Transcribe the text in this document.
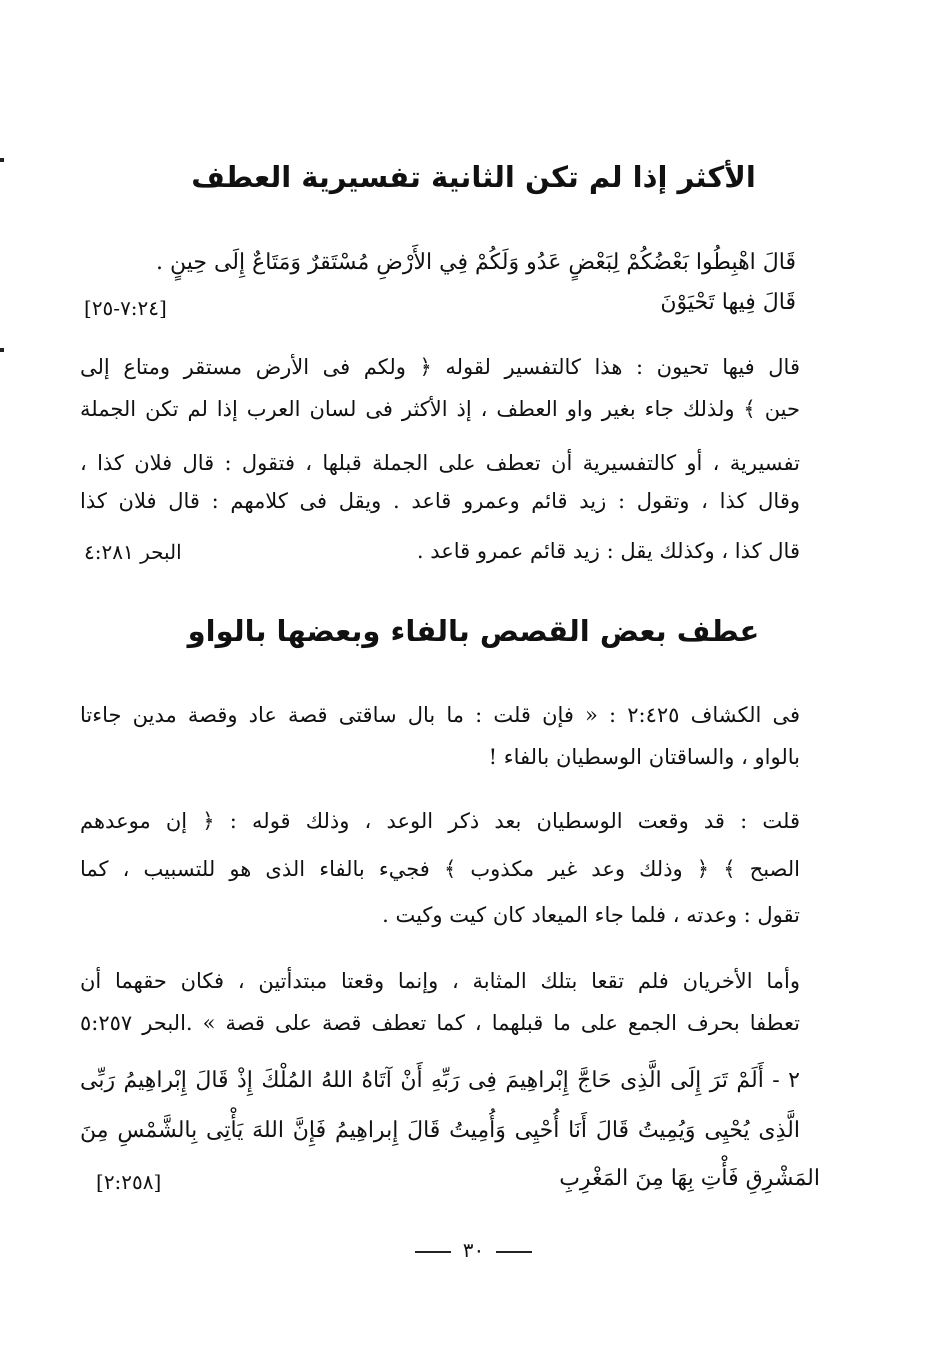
الأكثر إذا لم تكن الثانية تفسيرية العطف
قَالَ اهْبِطُوا بَعْضُكُمْ لِبَعْضٍ عَدُو وَلَكُمْ فِي الأَرْضِ مُسْتَقرٌ وَمَتَاعٌ إِلَى حِينٍ .
قَالَ فِيها تَحْيَوْنَ
[٧:٢٤-٢٥]
قال فيها تحيون : هذا كالتفسير لقوله ﴿ ولكم فى الأرض مستقر ومتاع إلى
حين ﴾ ولذلك جاء بغير واو العطف ، إذ الأكثر فى لسان العرب إذا لم تكن الجملة
تفسيرية ، أو كالتفسيرية أن تعطف على الجملة قبلها ، فتقول : قال فلان كذا ،
وقال كذا ، وتقول : زيد قائم وعمرو قاعد . ويقل فى كلامهم : قال فلان كذا
قال كذا ، وكذلك يقل : زيد قائم عمرو قاعد .
البحر ٤:٢٨١
عطف بعض القصص بالفاء وبعضها بالواو
فى الكشاف ٢:٤٢٥ : « فإن قلت : ما بال ساقتى قصة عاد وقصة مدين جاءتا
بالواو ، والساقتان الوسطيان بالفاء !
قلت : قد وقعت الوسطيان بعد ذكر الوعد ، وذلك قوله : ﴿ إن موعدهم
الصبح ﴾ ﴿ وذلك وعد غير مكذوب ﴾ فجيء بالفاء الذى هو للتسبيب ، كما
تقول : وعدته ، فلما جاء الميعاد كان كيت وكيت .
وأما الأخريان فلم تقعا بتلك المثابة ، وإنما وقعتا مبتدأتين ، فكان حقهما أن
تعطفا بحرف الجمع على ما قبلهما ، كما تعطف قصة على قصة » .البحر ٥:٢٥٧
٢ - أَلَمْ تَرَ إِلَى الَّذِى حَاجَّ إِبْراهِيمَ فِى رَبِّهِ أَنْ آتَاهُ اللهُ المُلْكَ إِذْ قَالَ إِبْراهِيمُ رَبِّى
الَّذِى يُحْيِى وَيُمِيتُ قَالَ أَنَا أُحْيِى وَأُمِيتُ قَالَ إِبراهِيمُ فَإِنَّ اللهَ يَأْتِى بِالشَّمْسِ مِنَ
المَشْرِقِ فَأْتِ بِهَا مِنَ المَغْرِبِ
[٢:٢٥٨]
٣٠
